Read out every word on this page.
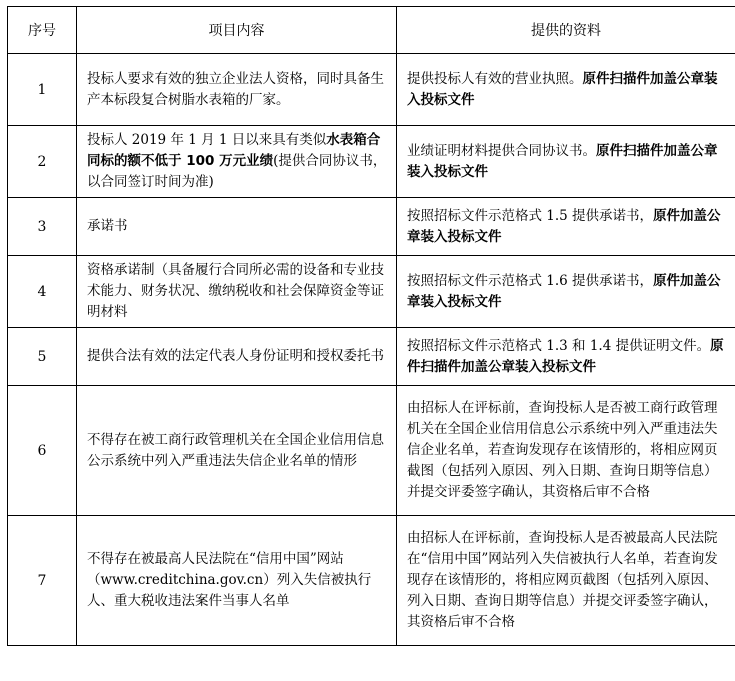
序号	项目内容	提供的资料
1	投标人要求有效的独立企业法人资格，同时具备生产本标段复合树脂水表箱的厂家。	提供投标人有效的营业执照。原件扫描件加盖公章装入投标文件
2	投标人 2019 年 1 月 1 日以来具有类似水表箱合同标的额不低于 100 万元业绩(提供合同协议书，以合同签订时间为准)	业绩证明材料提供合同协议书。原件扫描件加盖公章装入投标文件
3	承诺书	按照招标文件示范格式 1.5 提供承诺书，原件加盖公章装入投标文件
4	资格承诺制（具备履行合同所必需的设备和专业技术能力、财务状况、缴纳税收和社会保障资金等证明材料	按照招标文件示范格式 1.6 提供承诺书，原件加盖公章装入投标文件
5	提供合法有效的法定代表人身份证明和授权委托书	按照招标文件示范格式 1.3 和 1.4 提供证明文件。原件扫描件加盖公章装入投标文件
6	不得存在被工商行政管理机关在全国企业信用信息公示系统中列入严重违法失信企业名单的情形	由招标人在评标前，查询投标人是否被工商行政管理机关在全国企业信用信息公示系统中列入严重违法失信企业名单，若查询发现存在该情形的，将相应网页截图（包括列入原因、列入日期、查询日期等信息）并提交评委签字确认，其资格后审不合格
7	不得存在被最高人民法院在“信用中国”网站（www.creditchina.gov.cn）列入失信被执行人、重大税收违法案件当事人名单	由招标人在评标前，查询投标人是否被最高人民法院在“信用中国”网站列入失信被执行人名单，若查询发现存在该情形的，将相应网页截图（包括列入原因、列入日期、查询日期等信息）并提交评委签字确认，其资格后审不合格
